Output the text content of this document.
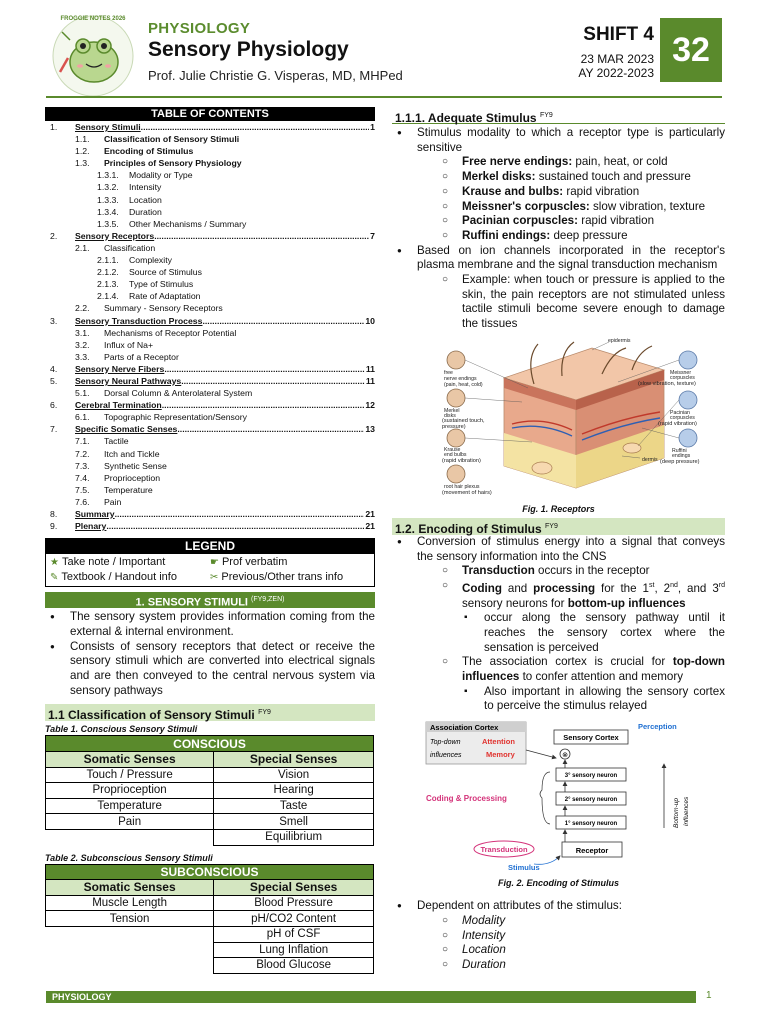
FROGGIE NOTES 2026
PHYSIOLOGY
Sensory Physiology
Prof. Julie Christie G. Visperas, MD, MHPed
SHIFT 4
23 MAR 2023
AY 2022-2023
32
TABLE OF CONTENTS
1.	Sensory Stimuli .....	1
1.1.	Classification of Sensory Stimuli
1.2.	Encoding of Stimulus
1.3.	Principles of Sensory Physiology
1.3.1.	Modality or Type
1.3.2.	Intensity
1.3.3.	Location
1.3.4.	Duration
1.3.5.	Other Mechanisms / Summary
2.	Sensory Receptors .....	7
2.1.	Classification
2.1.1.	Complexity
2.1.2.	Source of Stimulus
2.1.3.	Type of Stimulus
2.1.4.	Rate of Adaptation
2.2.	Summary - Sensory Receptors
3.	Sensory Transduction Process .....	10
3.1.	Mechanisms of Receptor Potential
3.2.	Influx of Na+
3.3.	Parts of a Receptor
4.	Sensory Nerve Fibers .....	11
5.	Sensory Neural Pathways .....	11
5.1.	Dorsal Column & Anterolateral System
6.	Cerebral Termination .....	12
6.1.	Topographic Representation/Sensory
7.	Specific Somatic Senses .....	13
7.1.	Tactile
7.2.	Itch and Tickle
7.3.	Synthetic Sense
7.4.	Proprioception
7.5.	Temperature
7.6.	Pain
8.	Summary .....	21
9.	Plenary .....	21
LEGEND
★ Take note / Important	☛ Prof verbatim
✎ Textbook / Handout info	✂ Previous/Other trans info
1. SENSORY STIMULI $^{(FY9,ZEN)}$
● The sensory system provides information coming from the external & internal environment.
● Consists of sensory receptors that detect or receive the sensory stimuli which are converted into electrical signals and are then conveyed to the central nervous system via sensory pathways
1.1 Classification of Sensory Stimuli $^{FY9}$
Table 1. Conscious Sensory Stimuli
CONSCIOUS	
Somatic Senses	Special Senses
Touch / Pressure	Vision
Proprioception	Hearing
Temperature	Taste
Pain	Smell
	Equilibrium
Table 2. Subconscious Sensory Stimuli
SUBCONSCIOUS	
Somatic Senses	Special Senses
Muscle Length	Blood Pressure
Tension	pH/CO2 Content
	pH of CSF
	Lung Inflation
	Blood Glucose
1.1.1. Adequate Stimulus $^{FY9}$
● Stimulus modality to which a receptor type is particularly sensitive
○ Free nerve endings: pain, heat, or cold
○ Merkel disks: sustained touch and pressure
○ Krause and bulbs: rapid vibration
○ Meissner's corpuscles: slow vibration, texture
○ Pacinian corpuscles: rapid vibration
○ Ruffini endings: deep pressure
● Based on ion channels incorporated in the receptor's plasma membrane and the signal transduction mechanism
○ Example: when touch or pressure is applied to the skin, the pain receptors are not stimulated unless tactile stimuli become severe enough to damage the tissues
free
nerve endings
(pain, heat, cold)
Merkel
disks
(sustained touch,
pressure)
Krause
end bulbs
(rapid vibration)
root hair plexus
(movement of hairs)
epidermis
dermis
Meissner
corpuscles
(slow vibration, texture)
Pacinian
corpuscles
(rapid vibration)
Ruffini
endings
(deep pressure)
Fig. 1. Receptors
1.2. Encoding of Stimulus $^{FY9}$
● Conversion of stimulus energy into a signal that conveys the sensory information into the CNS
○ Transduction occurs in the receptor
○ Coding and processing for the 1st, 2nd, and 3rd sensory neurons for bottom-up influences
▪ occur along the sensory pathway until it reaches the sensory cortex where the sensation is perceived
○ The association cortex is crucial for top-down influences to confer attention and memory
▪ Also important in allowing the sensory cortex to perceive the stimulus relayed
Association Cortex
Top-down
influences
Attention
Memory
Sensory Cortex
Perception
⊗
3° sensory neuron
2° sensory neuron
1° sensory neuron
Coding & Processing	Bottom-up influences
Receptor
Transduction
Stimulus
Fig. 2. Encoding of Stimulus
● Dependent on attributes of the stimulus:
○ Modality
○ Intensity
○ Location
○ Duration
PHYSIOLOGY	1
